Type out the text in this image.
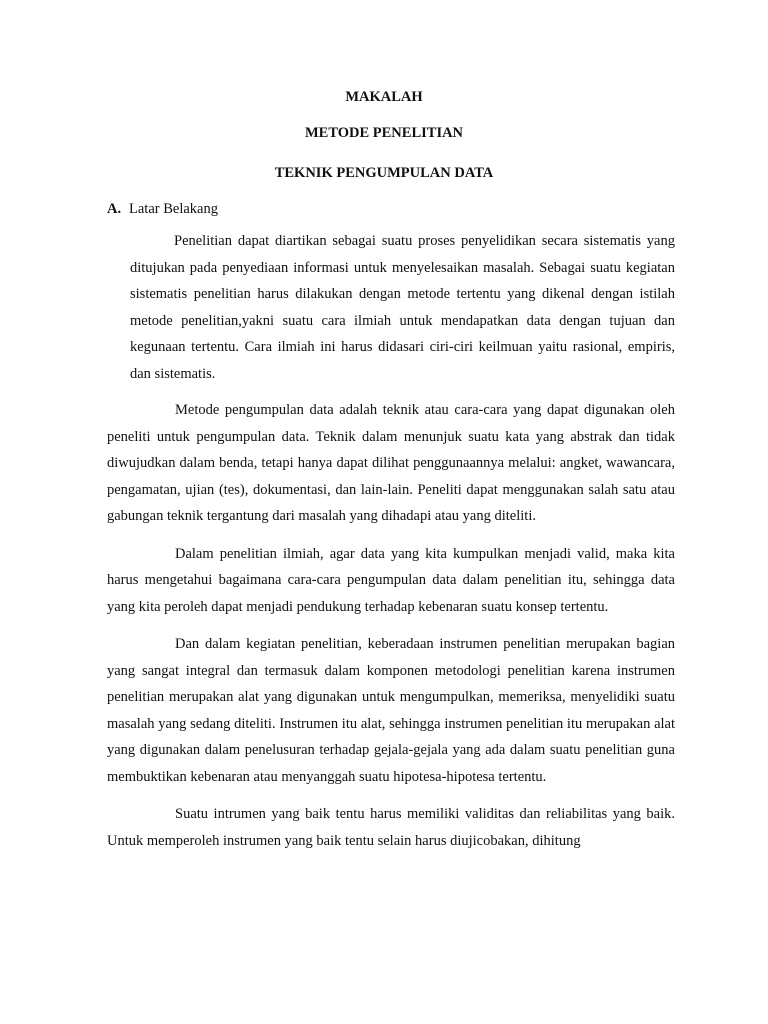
MAKALAH

METODE PENELITIAN

TEKNIK PENGUMPULAN DATA

A. Latar Belakang

Penelitian dapat diartikan sebagai suatu proses penyelidikan secara sistematis yang ditujukan pada penyediaan informasi untuk menyelesaikan masalah. Sebagai suatu kegiatan sistematis penelitian harus dilakukan dengan metode tertentu yang dikenal dengan istilah metode penelitian,yakni suatu cara ilmiah untuk mendapatkan data dengan tujuan dan kegunaan tertentu. Cara ilmiah ini harus didasari ciri-ciri keilmuan yaitu rasional, empiris, dan sistematis.

Metode pengumpulan data adalah teknik atau cara-cara yang dapat digunakan oleh peneliti untuk pengumpulan data. Teknik dalam menunjuk suatu kata yang abstrak dan tidak diwujudkan dalam benda, tetapi hanya dapat dilihat penggunaannya melalui: angket, wawancara, pengamatan, ujian (tes), dokumentasi, dan lain-lain. Peneliti dapat menggunakan salah satu atau gabungan teknik tergantung dari masalah yang dihadapi atau yang diteliti.

Dalam penelitian ilmiah, agar data yang kita kumpulkan menjadi valid, maka kita harus mengetahui bagaimana cara-cara pengumpulan data dalam penelitian itu, sehingga data yang kita peroleh dapat menjadi pendukung terhadap kebenaran suatu konsep tertentu.

Dan dalam kegiatan penelitian, keberadaan instrumen penelitian merupakan bagian yang sangat integral dan termasuk dalam komponen metodologi penelitian karena instrumen penelitian merupakan alat yang digunakan untuk mengumpulkan, memeriksa, menyelidiki suatu masalah yang sedang diteliti. Instrumen itu alat, sehingga instrumen penelitian itu merupakan alat yang digunakan dalam penelusuran terhadap gejala-gejala yang ada dalam suatu penelitian guna membuktikan kebenaran atau menyanggah suatu hipotesa-hipotesa tertentu.

Suatu intrumen yang baik tentu harus memiliki validitas dan reliabilitas yang baik. Untuk memperoleh instrumen yang baik tentu selain harus diujicobakan, dihitung
